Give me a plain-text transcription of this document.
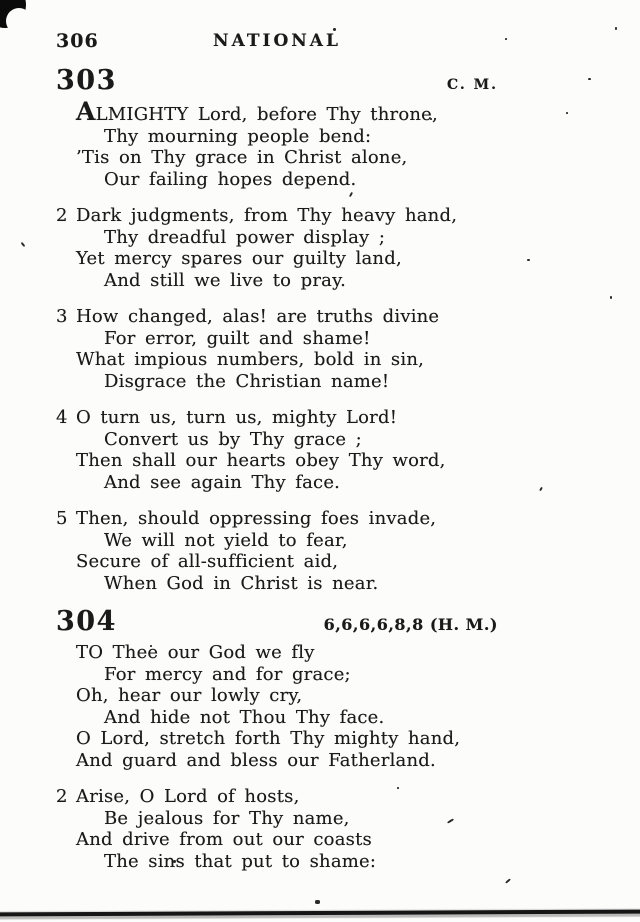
306	NATIONAL
303	C. M.
ALMIGHTY Lord, before Thy throne,
Thy mourning people bend:
’Tis on Thy grace in Christ alone,
Our failing hopes depend.
2 Dark judgments, from Thy heavy hand,
Thy dreadful power display ;
Yet mercy spares our guilty land,
And still we live to pray.
3 How changed, alas! are truths divine
For error, guilt and shame!
What impious numbers, bold in sin,
Disgrace the Christian name!
4 O turn us, turn us, mighty Lord!
Convert us by Thy grace ;
Then shall our hearts obey Thy word,
And see again Thy face.
5 Then, should oppressing foes invade,
We will not yield to fear,
Secure of all-sufficient aid,
When God in Christ is near.
304	6,6,6,6,8,8 (H. M.)
TO Thee our God we fly
For mercy and for grace;
Oh, hear our lowly cry,
And hide not Thou Thy face.
O Lord, stretch forth Thy mighty hand,
And guard and bless our Fatherland.
2 Arise, O Lord of hosts,
Be jealous for Thy name,
And drive from out our coasts
The sins that put to shame:
